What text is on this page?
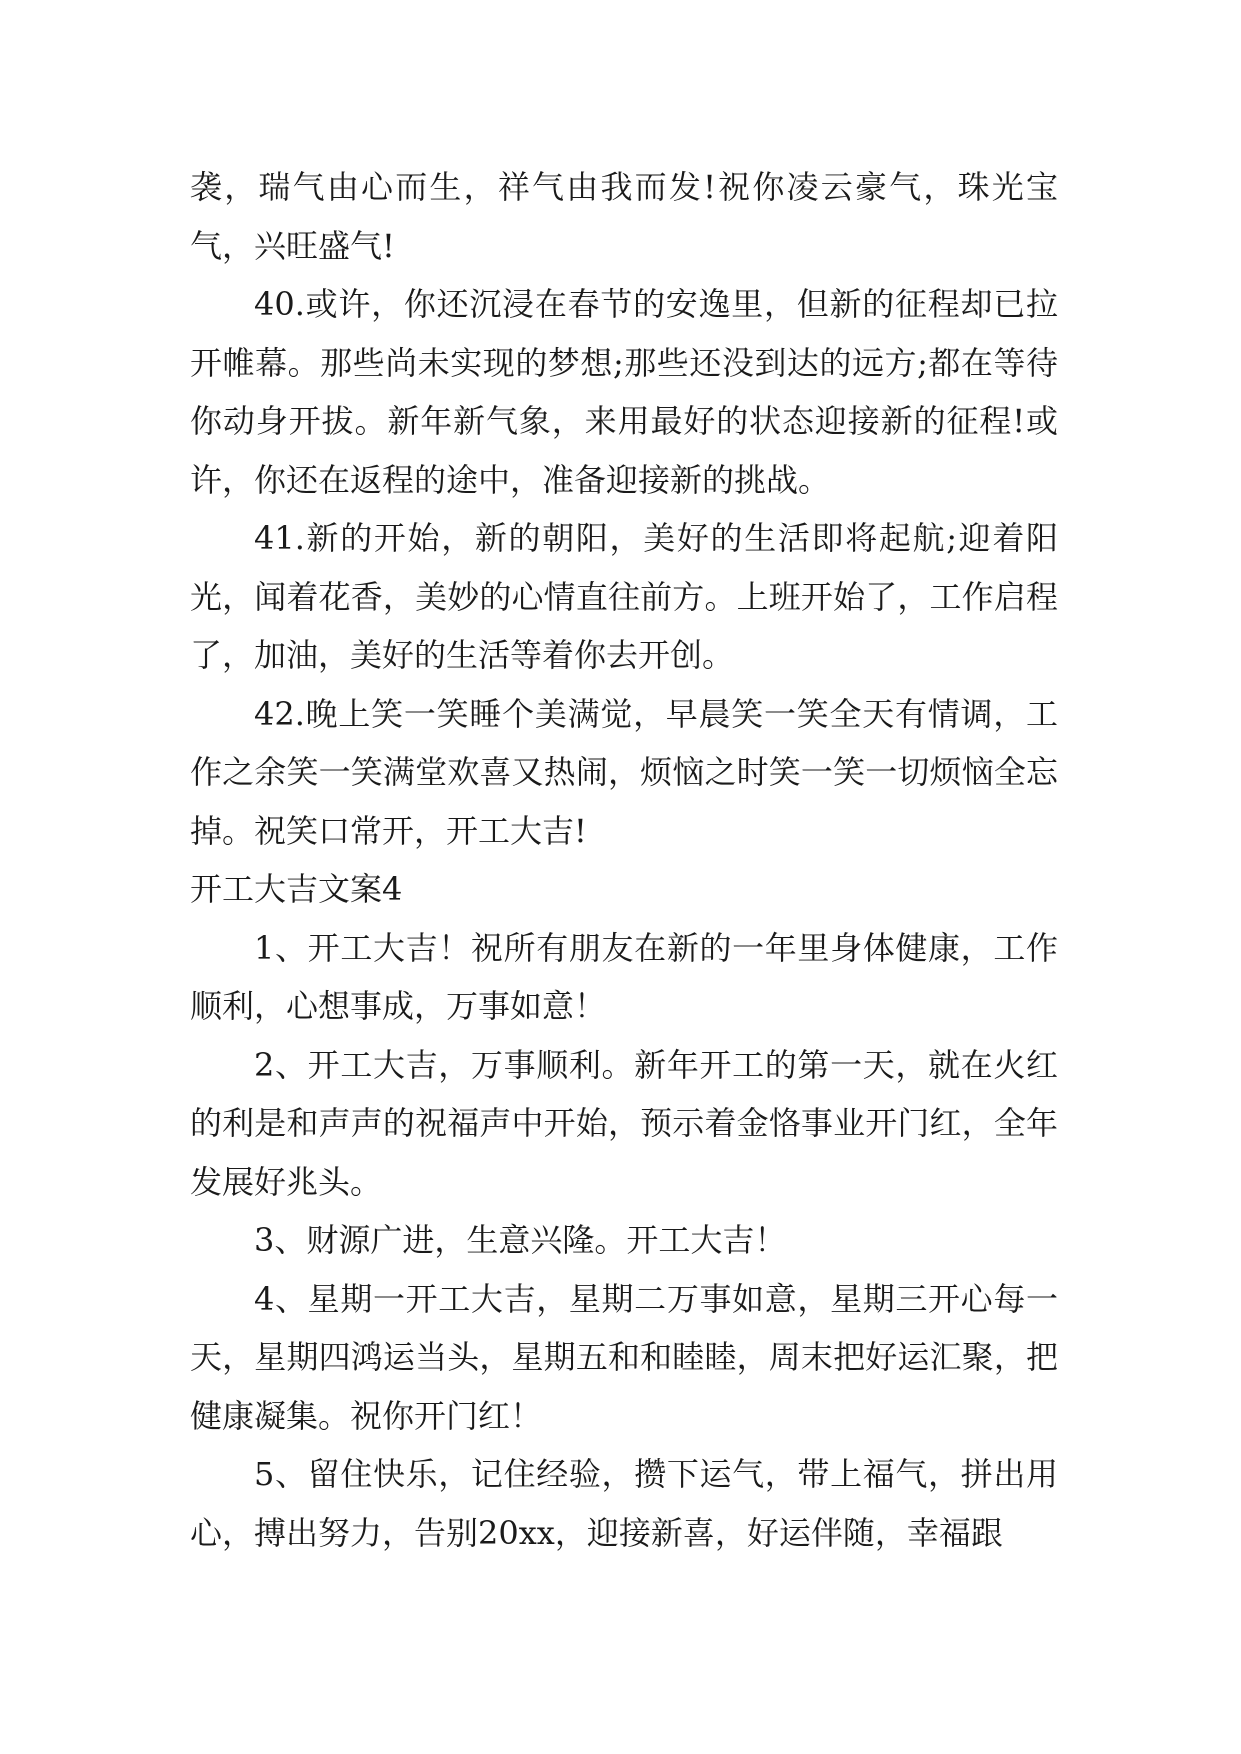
袭，瑞气由心而生，祥气由我而发!祝你凌云豪气，珠光宝气，兴旺盛气!

40.或许，你还沉浸在春节的安逸里，但新的征程却已拉开帷幕。那些尚未实现的梦想;那些还没到达的远方;都在等待你动身开拔。新年新气象，来用最好的状态迎接新的征程!或许，你还在返程的途中，准备迎接新的挑战。

41.新的开始，新的朝阳，美好的生活即将起航;迎着阳光，闻着花香，美妙的心情直往前方。上班开始了，工作启程了，加油，美好的生活等着你去开创。

42.晚上笑一笑睡个美满觉，早晨笑一笑全天有情调，工作之余笑一笑满堂欢喜又热闹，烦恼之时笑一笑一切烦恼全忘掉。祝笑口常开，开工大吉!

开工大吉文案4

1、开工大吉！祝所有朋友在新的一年里身体健康，工作顺利，心想事成，万事如意！

2、开工大吉，万事顺利。新年开工的第一天，就在火红的利是和声声的祝福声中开始，预示着金恪事业开门红，全年发展好兆头。

3、财源广进，生意兴隆。开工大吉！

4、星期一开工大吉，星期二万事如意，星期三开心每一天，星期四鸿运当头，星期五和和睦睦，周末把好运汇聚，把健康凝集。祝你开门红！

5、留住快乐，记住经验，攒下运气，带上福气，拼出用心，搏出努力，告别20xx，迎接新喜，好运伴随，幸福跟
